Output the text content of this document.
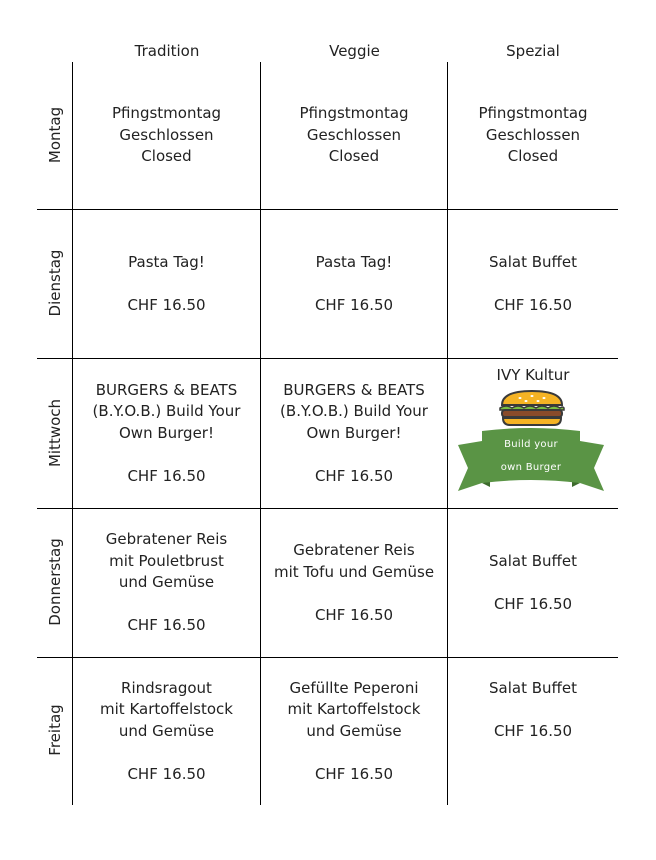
Tradition	Veggie	Spezial
Montag
Dienstag
Mittwoch
Donnerstag
Freitag
Pfingstmontag
Geschlossen
Closed
Pfingstmontag
Geschlossen
Closed
Pfingstmontag
Geschlossen
Closed
Pasta Tag!
CHF 16.50
Pasta Tag!
CHF 16.50
Salat Buffet
CHF 16.50
BURGERS & BEATS
(B.Y.O.B.) Build Your
Own Burger!
CHF 16.50
BURGERS & BEATS
(B.Y.O.B.) Build Your
Own Burger!
CHF 16.50
IVY Kultur
Build your
own Burger
Gebratener Reis
mit Pouletbrust
und Gemüse
CHF 16.50
Gebratener Reis
mit Tofu und Gemüse
CHF 16.50
Salat Buffet
CHF 16.50
Rindsragout
mit Kartoffelstock
und Gemüse
CHF 16.50
Gefüllte Peperoni
mit Kartoffelstock
und Gemüse
CHF 16.50
Salat Buffet
CHF 16.50
